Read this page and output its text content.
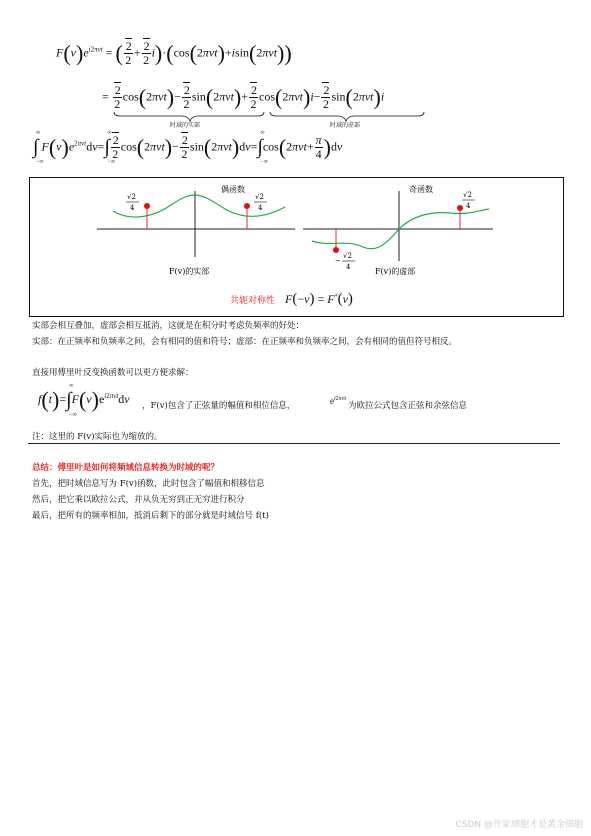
$F(v)e^{i2\pi vt}$ = ( $\frac{2}{2} + \frac{2}{2} i)\cdot(\cos(2\pi vt)+isin(2\pi vt))$
= $\frac{2}{2} \cos(2\pi vt)- \frac{2}{2} \sin(2\pi vt)+ \frac{2}{2} \cos(2\pi vt)i- \frac{2}{2} \sin(2\pi vt)i$
时域的实部	时域的虚部
∫
∞
−∞
$F(v)e^{2\pi vt}dv=\int$
∞
−∞
$\frac{2}{2} \cos(2\pi vt)- \frac{2}{2} \sin(2\pi vt)dv=\int$
∞
−∞
$\cos(2\pi vt+ \frac{\pi}{4} )dv$
√2
4
√2
4
偶函数
F(v)的实部
−
√2
4
√2
4
奇函数
F(v)的虚部
共轭对称性 F(−v) = F*(v)
实部会相互叠加，虚部会相互抵消，这就是在积分时考虑负频率的好处：
实部：在正频率和负频率之间，会有相同的值和符号；虚部：在正频率和负频率之间，会有相同的值但符号相反。
直接用傅里叶反变换函数可以更方便求解：
f(t)=∫
∞
−∞
$F(v)e^{i2\pi vt}dv$
，F(v)包含了正弦量的幅值和相位信息，	$e^{i2\pi vt}$
为欧拉公式包含正弦和余弦信息
注：这里的 F(v)实际也为缩放的。
总结：傅里叶是如何将频域信息转换为时域的呢？
首先，把时域信息写为 F(v)函数，此时包含了幅值和相移信息
然后，把它乘以欧拉公式，并从负无穷到正无穷进行积分
最后，把所有的频率相加，抵消后剩下的部分就是时域信号 f(t)
CSDN @作家细胞才是黄金细胞
